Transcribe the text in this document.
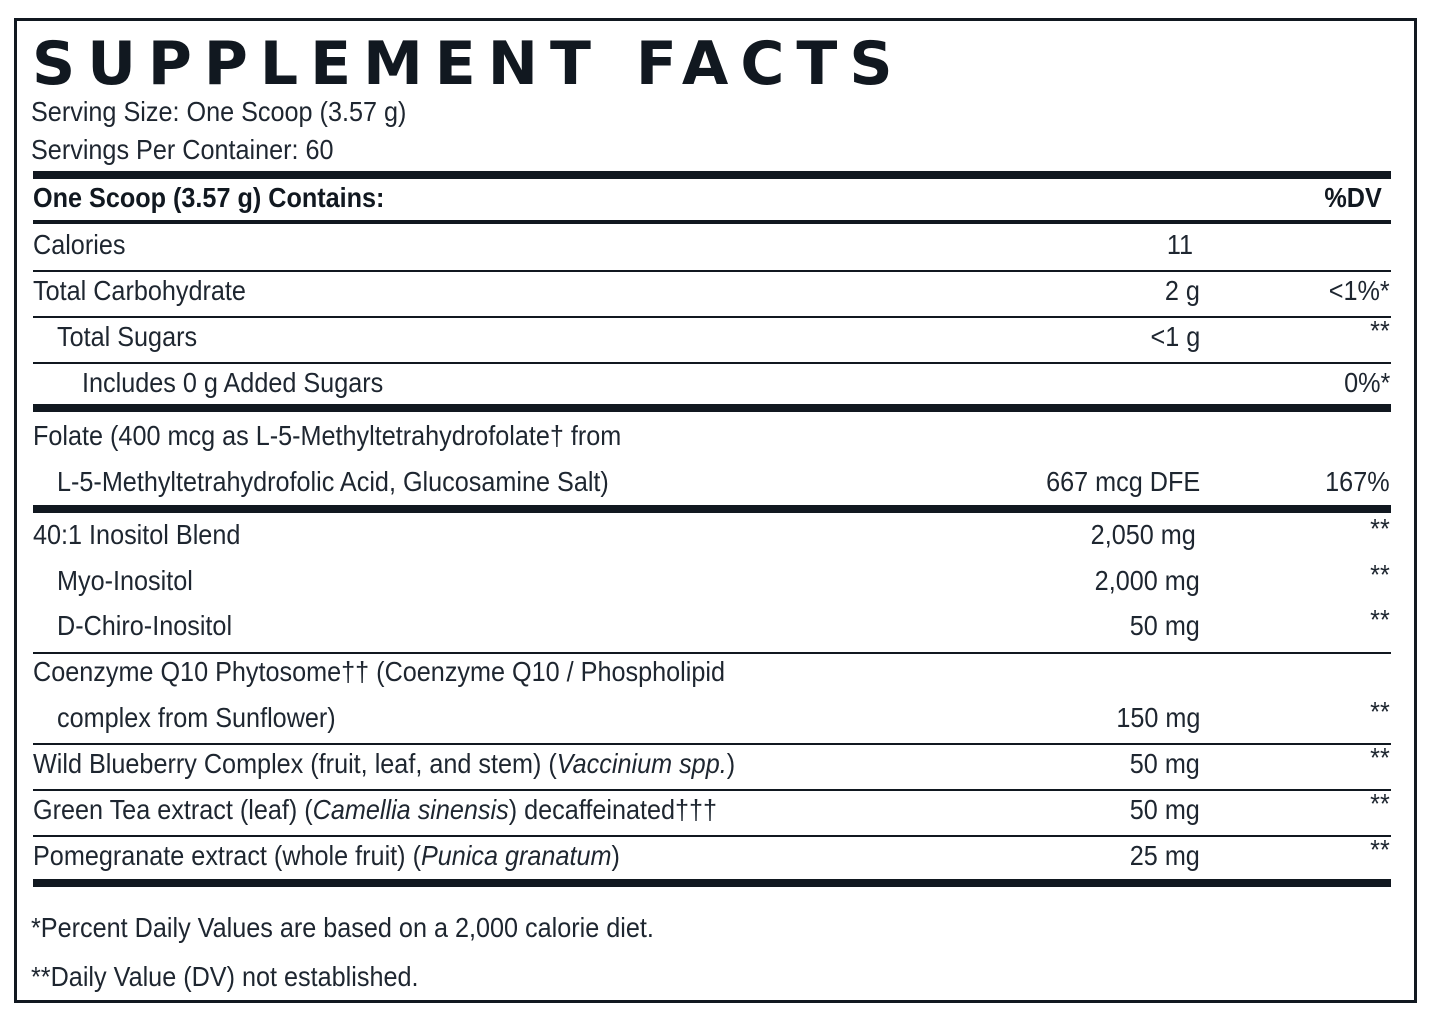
SUPPLEMENT FACTS
Serving Size: One Scoop (3.57 g)
Servings Per Container: 60
One Scoop (3.57 g) Contains:	%DV
Calories	11
Total Carbohydrate	2 g	<1%*
Total Sugars	<1 g	**
Includes 0 g Added Sugars	0%*
Folate (400 mcg as L-5-Methyltetrahydrofolate† from
L-5-Methyltetrahydrofolic Acid, Glucosamine Salt)	667 mcg DFE	167%
40:1 Inositol Blend	2,050 mg	**
Myo-Inositol	2,000 mg	**
D-Chiro-Inositol	50 mg	**
Coenzyme Q10 Phytosome†† (Coenzyme Q10 / Phospholipid
complex from Sunflower)	150 mg	**
Wild Blueberry Complex (fruit, leaf, and stem) (Vaccinium spp.)	50 mg	**
Green Tea extract (leaf) (Camellia sinensis) decaffeinated†††	50 mg	**
Pomegranate extract (whole fruit) (Punica granatum)	25 mg	**
*Percent Daily Values are based on a 2,000 calorie diet.
**Daily Value (DV) not established.
